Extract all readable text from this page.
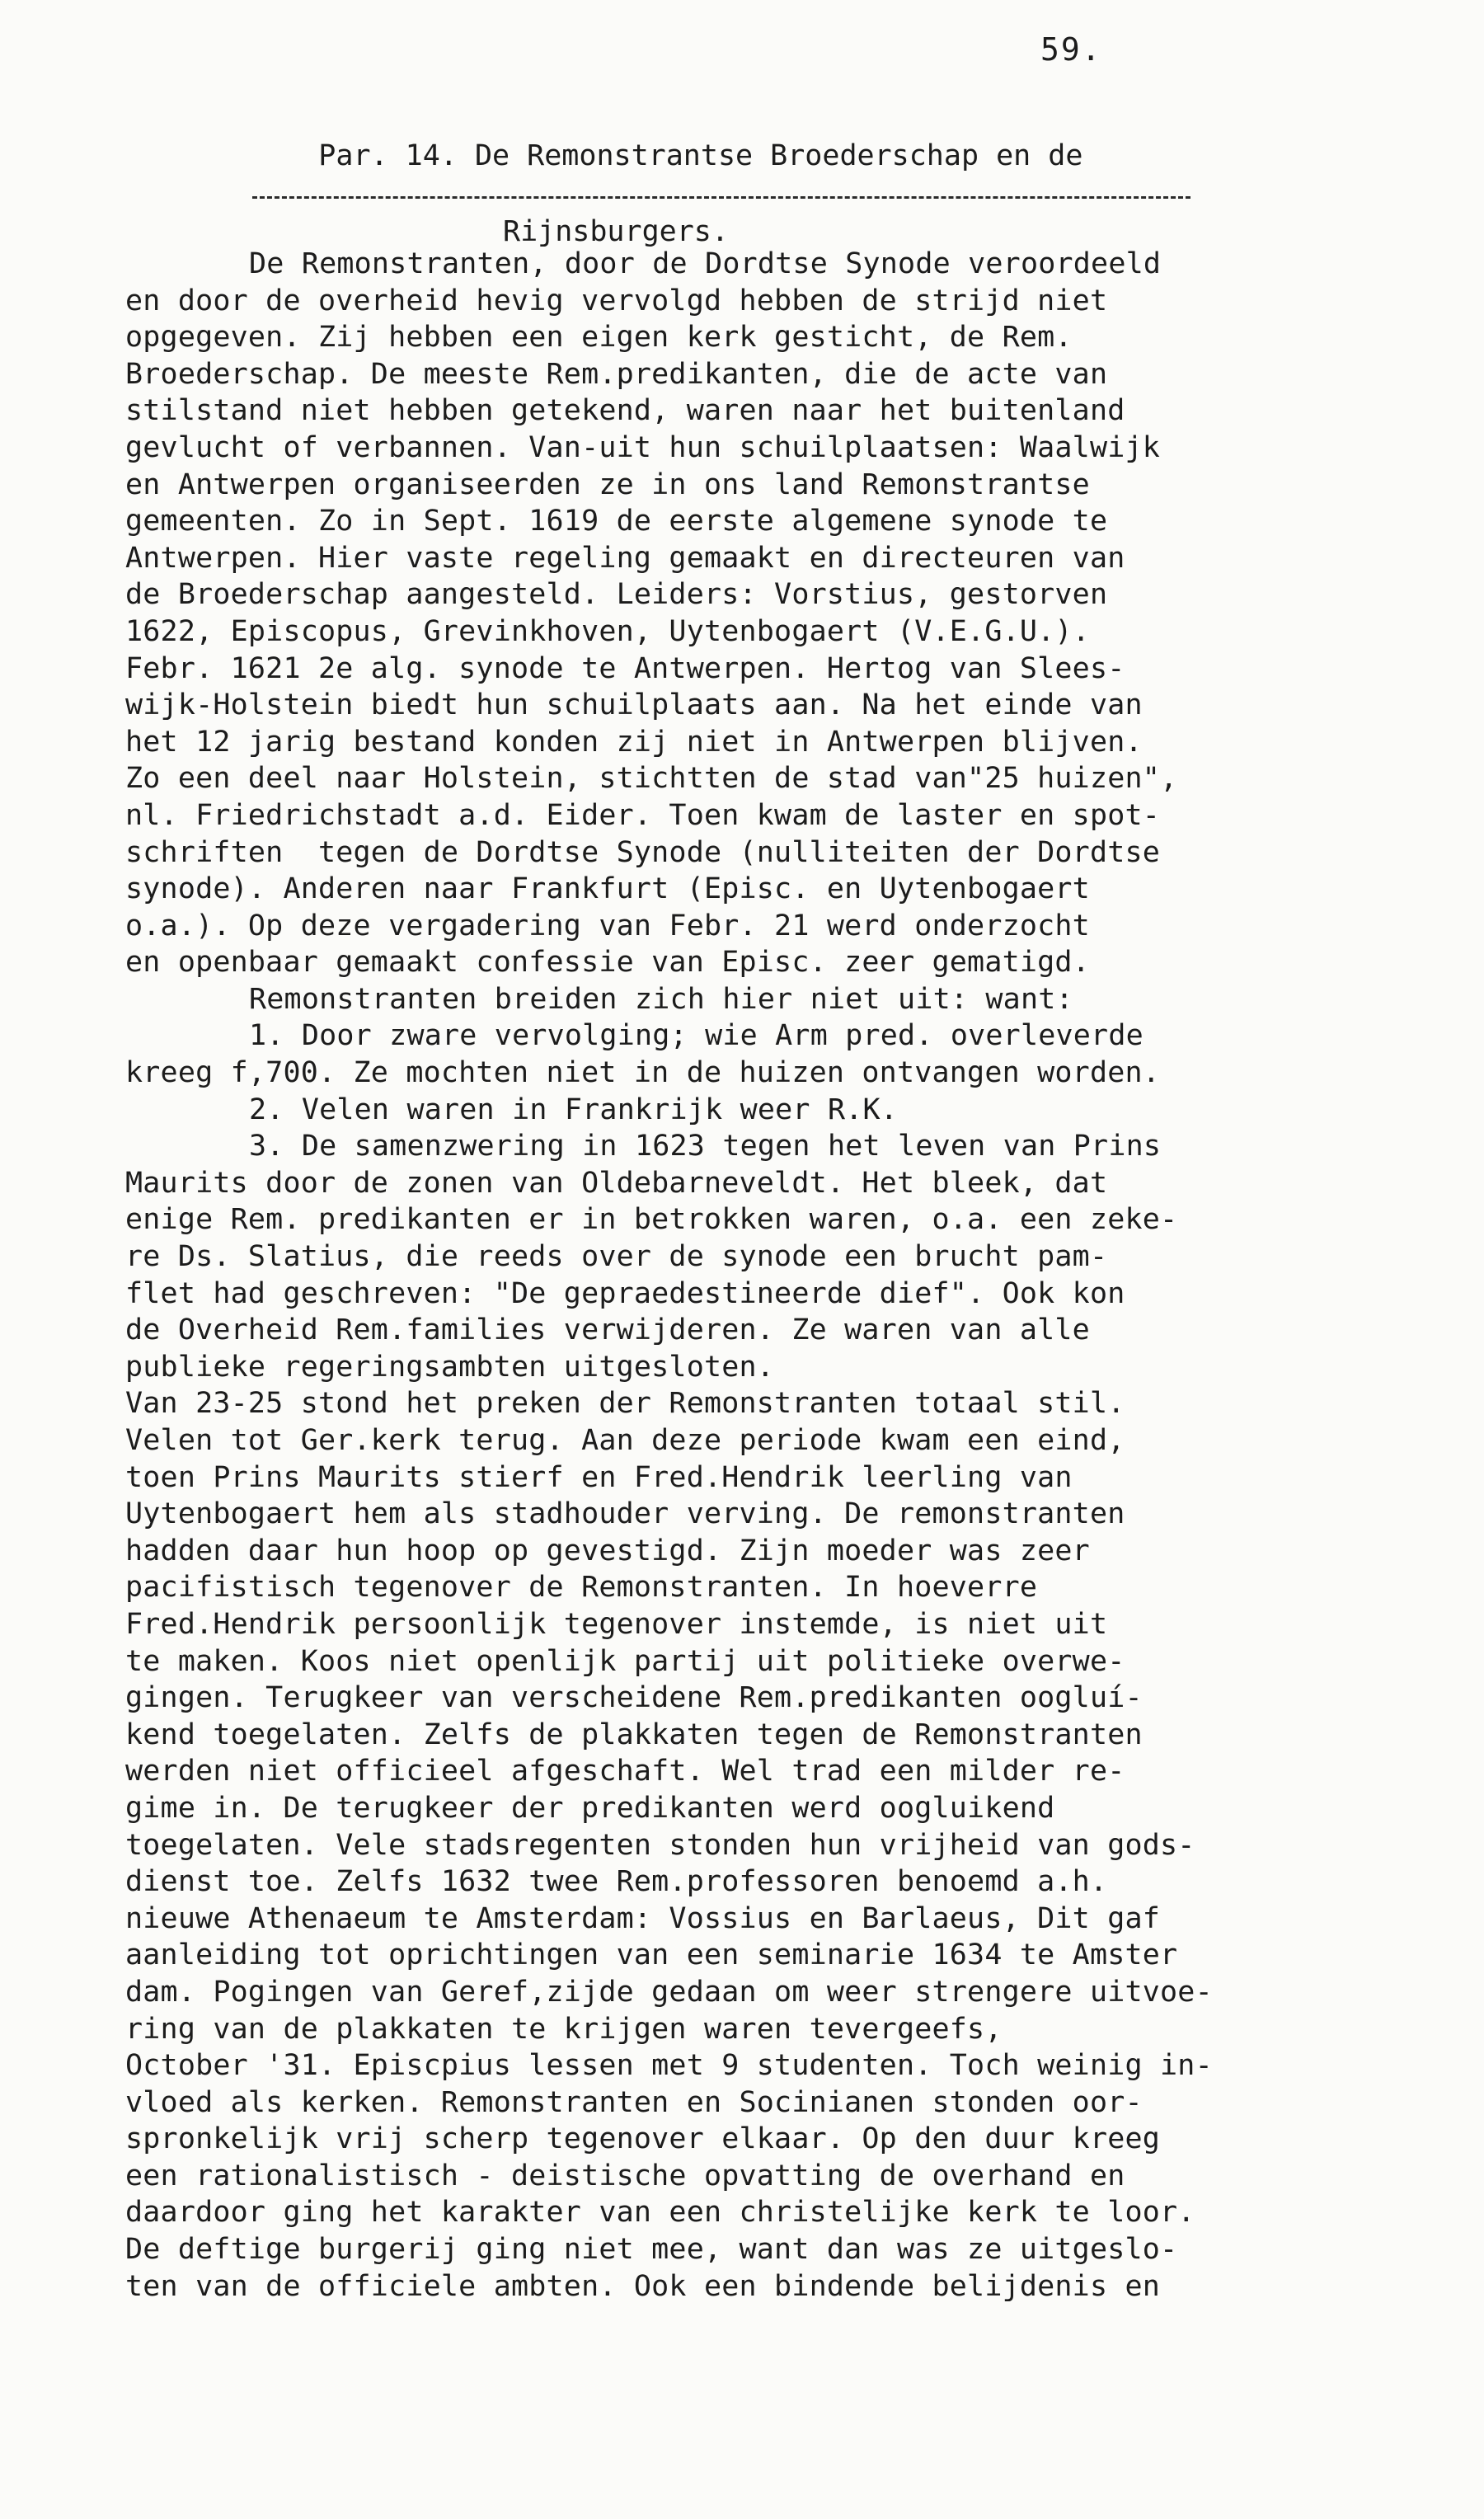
59.

Par. 14. De Remonstrantse Broederschap en de

Rijnsburgers.

De Remonstranten, door de Dordtse Synode veroordeeld
en door de overheid hevig vervolgd hebben de strijd niet
opgegeven. Zij hebben een eigen kerk gesticht, de Rem.
Broederschap. De meeste Rem.predikanten, die de acte van
stilstand niet hebben getekend, waren naar het buitenland
gevlucht of verbannen. Van-uit hun schuilplaatsen: Waalwijk
en Antwerpen organiseerden ze in ons land Remonstrantse
gemeenten. Zo in Sept. 1619 de eerste algemene synode te
Antwerpen. Hier vaste regeling gemaakt en directeuren van
de Broederschap aangesteld. Leiders: Vorstius, gestorven
1622, Episcopus, Grevinkhoven, Uytenbogaert (V.E.G.U.).
Febr. 1621 2e alg. synode te Antwerpen. Hertog van Slees-
wijk-Holstein biedt hun schuilplaats aan. Na het einde van
het 12 jarig bestand konden zij niet in Antwerpen blijven.
Zo een deel naar Holstein, stichtten de stad van"25 huizen",
nl. Friedrichstadt a.d. Eider. Toen kwam de laster en spot-
schriften  tegen de Dordtse Synode (nulliteiten der Dordtse
synode). Anderen naar Frankfurt (Episc. en Uytenbogaert
o.a.). Op deze vergadering van Febr. 21 werd onderzocht
en openbaar gemaakt confessie van Episc. zeer gematigd.
Remonstranten breiden zich hier niet uit: want:
1. Door zware vervolging; wie Arm pred. overleverde
kreeg f,700. Ze mochten niet in de huizen ontvangen worden.
2. Velen waren in Frankrijk weer R.K.
3. De samenzwering in 1623 tegen het leven van Prins
Maurits door de zonen van Oldebarneveldt. Het bleek, dat
enige Rem. predikanten er in betrokken waren, o.a. een zeke-
re Ds. Slatius, die reeds over de synode een brucht pam-
flet had geschreven: "De gepraedestineerde dief". Ook kon
de Overheid Rem.families verwijderen. Ze waren van alle
publieke regeringsambten uitgesloten.
Van 23-25 stond het preken der Remonstranten totaal stil.
Velen tot Ger.kerk terug. Aan deze periode kwam een eind,
toen Prins Maurits stierf en Fred.Hendrik leerling van
Uytenbogaert hem als stadhouder verving. De remonstranten
hadden daar hun hoop op gevestigd. Zijn moeder was zeer
pacifistisch tegenover de Remonstranten. In hoeverre
Fred.Hendrik persoonlijk tegenover instemde, is niet uit
te maken. Koos niet openlijk partij uit politieke overwe-
gingen. Terugkeer van verscheidene Rem.predikanten oogluí-
kend toegelaten. Zelfs de plakkaten tegen de Remonstranten
werden niet officieel afgeschaft. Wel trad een milder re-
gime in. De terugkeer der predikanten werd oogluikend
toegelaten. Vele stadsregenten stonden hun vrijheid van gods-
dienst toe. Zelfs 1632 twee Rem.professoren benoemd a.h.
nieuwe Athenaeum te Amsterdam: Vossius en Barlaeus, Dit gaf
aanleiding tot oprichtingen van een seminarie 1634 te Amster
dam. Pogingen van Geref,zijde gedaan om weer strengere uitvoe-
ring van de plakkaten te krijgen waren tevergeefs,
October '31. Episcpius lessen met 9 studenten. Toch weinig in-
vloed als kerken. Remonstranten en Socinianen stonden oor-
spronkelijk vrij scherp tegenover elkaar. Op den duur kreeg
een rationalistisch - deistische opvatting de overhand en
daardoor ging het karakter van een christelijke kerk te loor.
De deftige burgerij ging niet mee, want dan was ze uitgeslo-
ten van de officiele ambten. Ook een bindende belijdenis en
